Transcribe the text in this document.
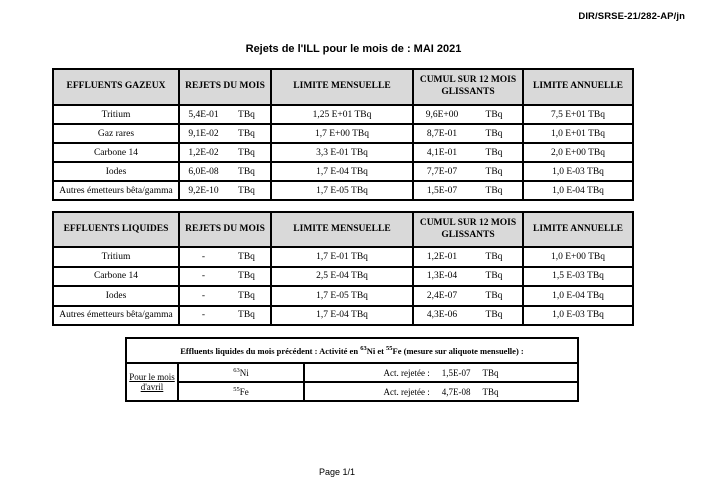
DIR/SRSE-21/282-AP/jn
Rejets de l'ILL pour le mois de : MAI 2021
EFFLUENTS GAZEUX	REJETS DU MOIS	LIMITE MENSUELLE	CUMUL SUR 12 MOIS GLISSANTS	LIMITE ANNUELLE
Tritium	5,4E-01 TBq	1,25 E+01 TBq	9,6E+00 TBq	7,5 E+01 TBq
Gaz rares	9,1E-02 TBq	1,7 E+00 TBq	8,7E-01 TBq	1,0 E+01 TBq
Carbone 14	1,2E-02 TBq	3,3 E-01 TBq	4,1E-01 TBq	2,0 E+00 TBq
Iodes	6,0E-08 TBq	1,7 E-04 TBq	7,7E-07 TBq	1,0 E-03 TBq
Autres émetteurs bêta/gamma	9,2E-10 TBq	1,7 E-05 TBq	1,5E-07 TBq	1,0 E-04 TBq
EFFLUENTS LIQUIDES	REJETS DU MOIS	LIMITE MENSUELLE	CUMUL SUR 12 MOIS GLISSANTS	LIMITE ANNUELLE
Tritium	- TBq	1,7 E-01 TBq	1,2E-01 TBq	1,0 E+00 TBq
Carbone 14	- TBq	2,5 E-04 TBq	1,3E-04 TBq	1,5 E-03 TBq
Iodes	- TBq	1,7 E-05 TBq	2,4E-07 TBq	1,0 E-04 TBq
Autres émetteurs bêta/gamma	- TBq	1,7 E-04 TBq	4,3E-06 TBq	1,0 E-03 TBq
Effluents liquides du mois précédent : Activité en $^{63}$Ni et $^{55}$Fe (mesure sur aliquote mensuelle) :		
Pour le mois
d'avril	$^{63}$Ni	Act. rejetée : 1,5E-07 TBq

	$^{55}$Fe	Act. rejetée : 4,7E-08 TBq
Page 1/1
